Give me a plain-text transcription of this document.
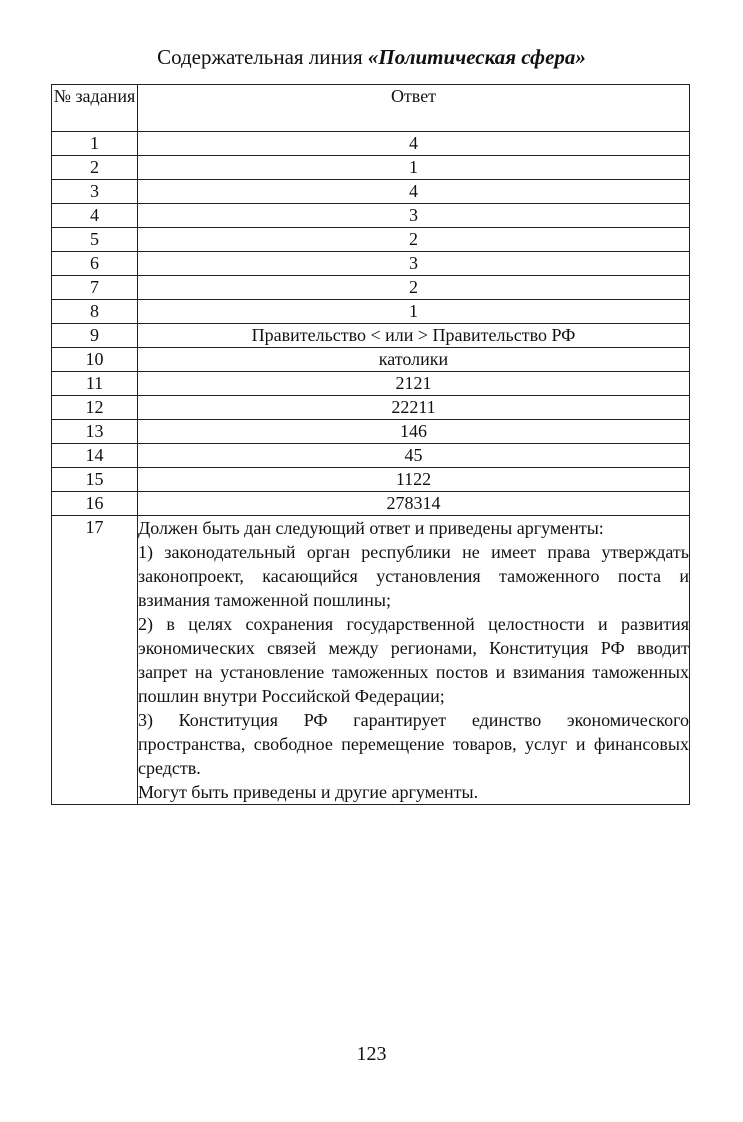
Содержательная линия «Политическая сфера»
№ задания	Ответ
1	4
2	1
3	4
4	3
5	2
6	3
7	2
8	1
9	Правительство < или > Правительство РФ
10	католики
11	2121
12	22211
13	146
14	45
15	1122
16	278314
17	Должен быть дан следующий ответ и приведены аргументы:

1) законодательный орган республики не имеет права утверждать законопроект, касающийся установления таможенного поста и взимания таможенной пошлины;

2) в целях сохранения государственной целостности и развития экономических связей между регионами, Конституция РФ вводит запрет на установление таможенных постов и взимания таможенных пошлин внутри Российской Федерации;

3) Конституция РФ гарантирует единство экономического пространства, свободное перемещение товаров, услуг и финансовых средств.

Могут быть приведены и другие аргументы.

123
